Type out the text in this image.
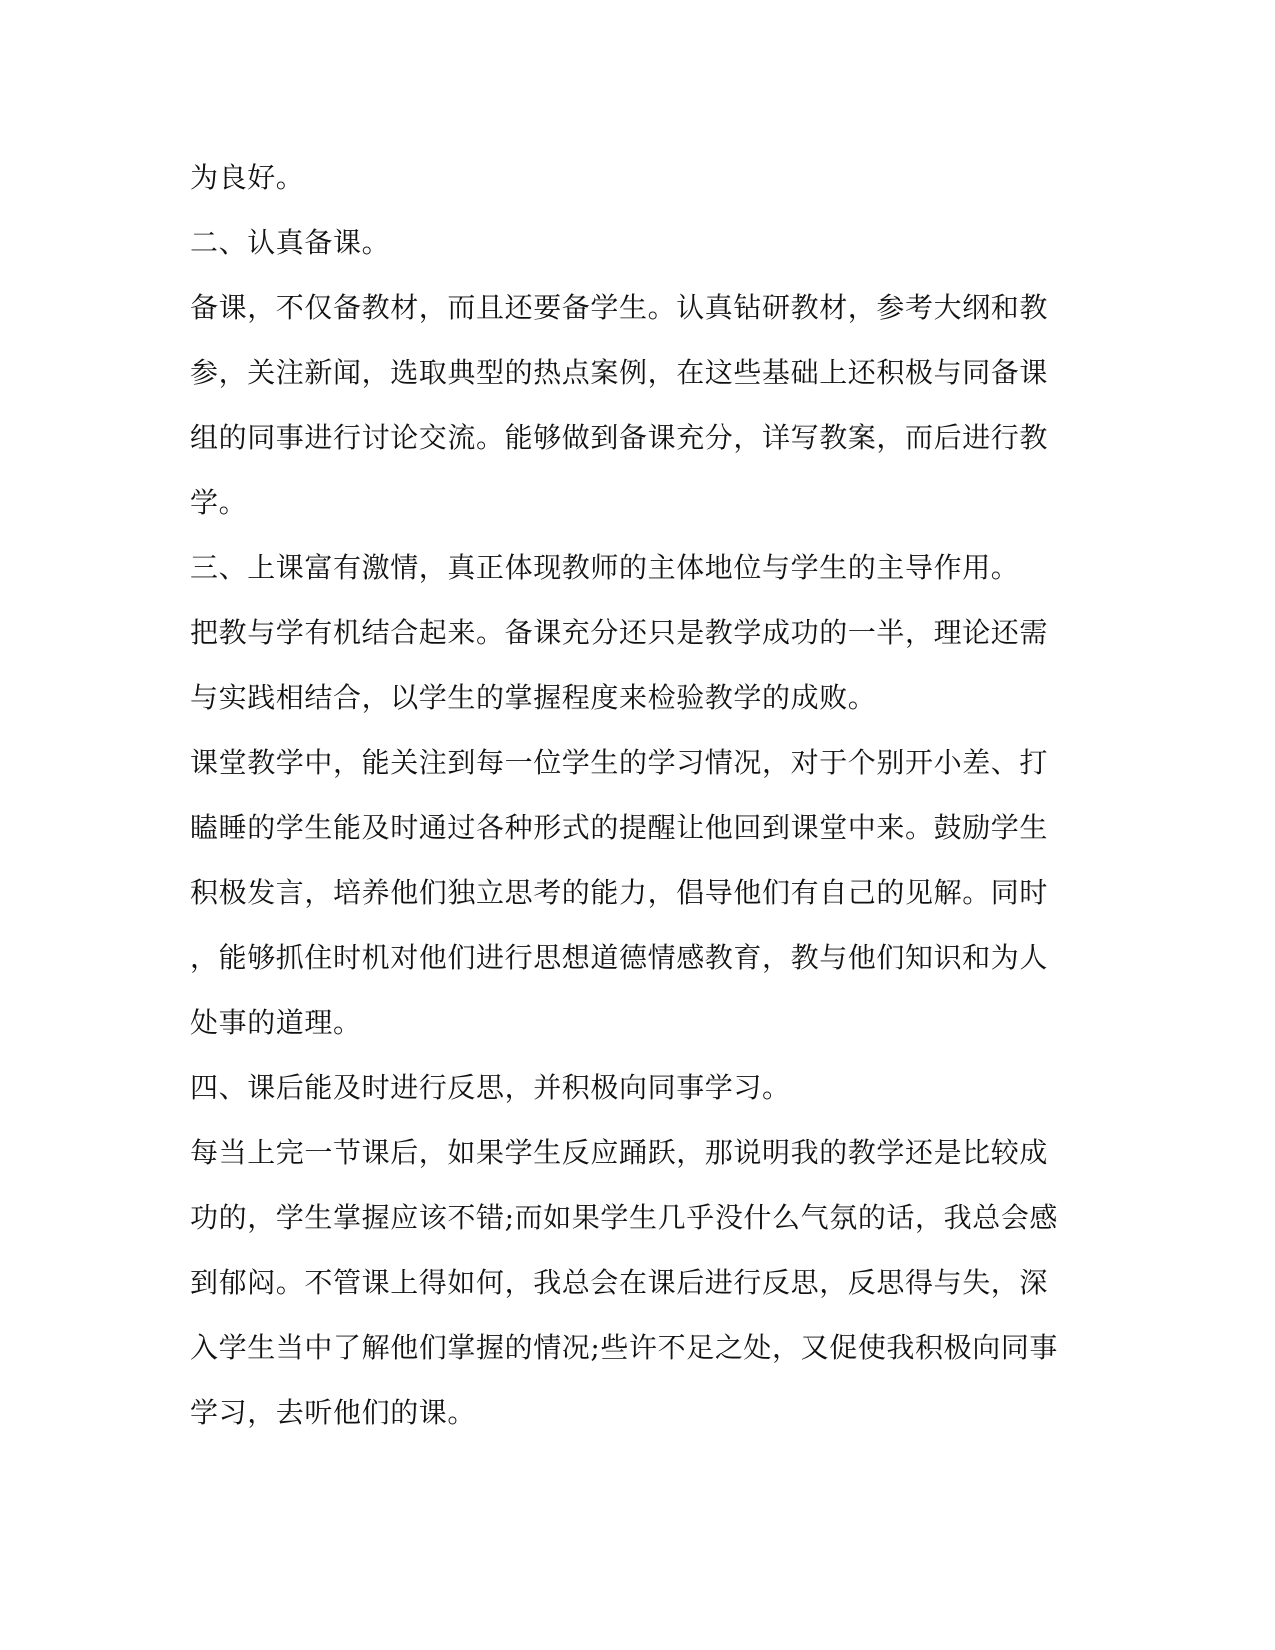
为良好。
二、认真备课。
备课，不仅备教材，而且还要备学生。认真钻研教材，参考大纲和教
参，关注新闻，选取典型的热点案例，在这些基础上还积极与同备课
组的同事进行讨论交流。能够做到备课充分，详写教案，而后进行教
学。
三、上课富有激情，真正体现教师的主体地位与学生的主导作用。
把教与学有机结合起来。备课充分还只是教学成功的一半，理论还需
与实践相结合，以学生的掌握程度来检验教学的成败。
课堂教学中，能关注到每一位学生的学习情况，对于个别开小差、打
瞌睡的学生能及时通过各种形式的提醒让他回到课堂中来。鼓励学生
积极发言，培养他们独立思考的能力，倡导他们有自己的见解。同时
，能够抓住时机对他们进行思想道德情感教育，教与他们知识和为人
处事的道理。
四、课后能及时进行反思，并积极向同事学习。
每当上完一节课后，如果学生反应踊跃，那说明我的教学还是比较成
功的，学生掌握应该不错;而如果学生几乎没什么气氛的话，我总会感
到郁闷。不管课上得如何，我总会在课后进行反思，反思得与失，深
入学生当中了解他们掌握的情况;些许不足之处，又促使我积极向同事
学习，去听他们的课。
